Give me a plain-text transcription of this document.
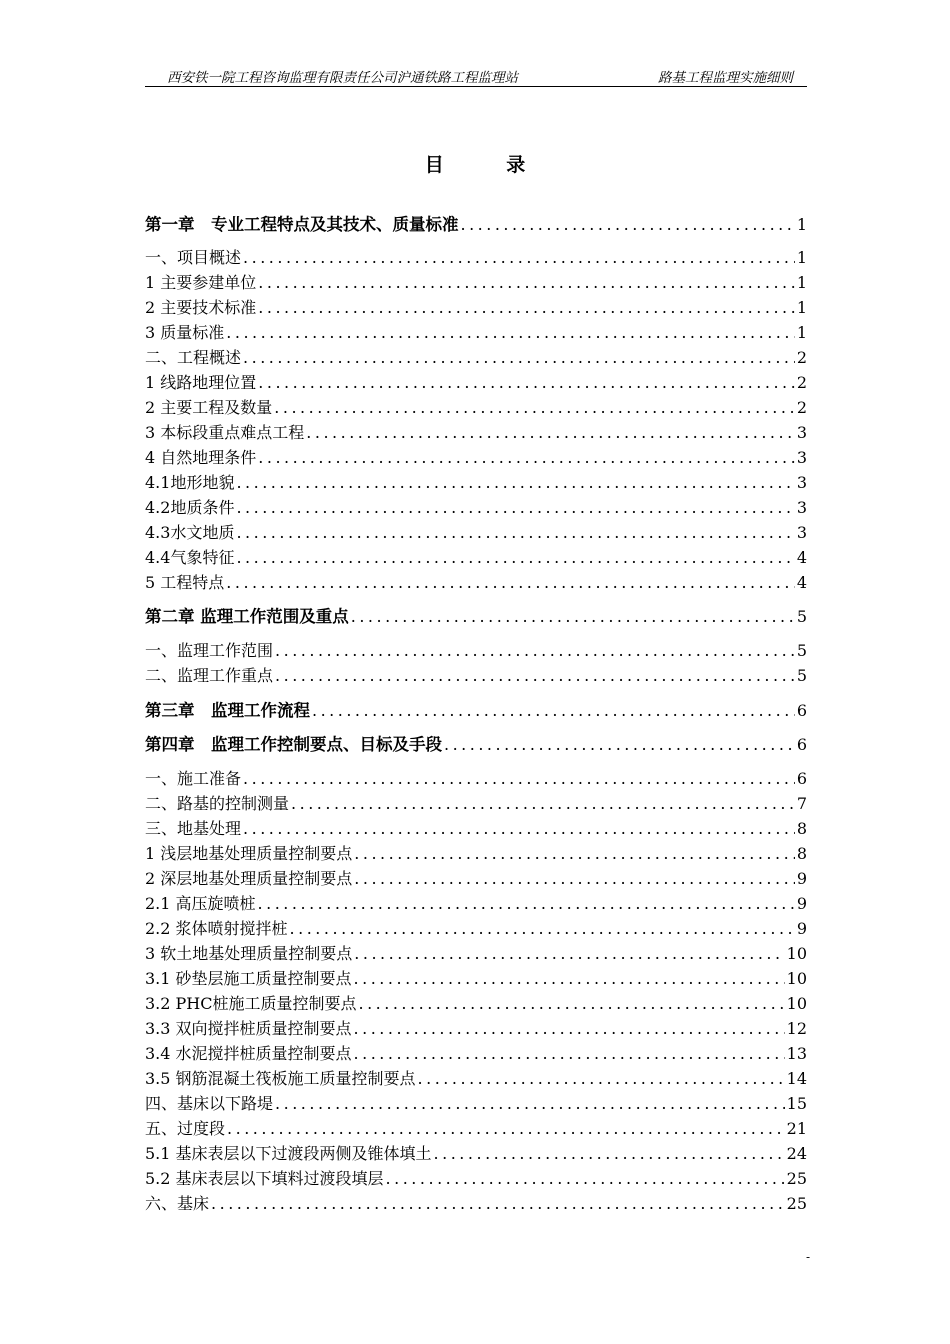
西安铁一院工程咨询监理有限责任公司沪通铁路工程监理站	路基工程监理实施细则
目 录
第一章　专业工程特点及其技术、质量标准 .....	1
一、项目概述 .....	1
1 主要参建单位 .....	1
2 主要技术标准 .....	1
3 质量标准 .....	1
二、工程概述 .....	2
1 线路地理位置 .....	2
2 主要工程及数量 .....	2
3 本标段重点难点工程 .....	3
4 自然地理条件 .....	3
4.1地形地貌 .....	3
4.2地质条件 .....	3
4.3水文地质 .....	3
4.4气象特征 .....	4
5 工程特点 .....	4
第二章 监理工作范围及重点 .....	5
一、监理工作范围 .....	5
二、监理工作重点 .....	5
第三章　监理工作流程 .....	6
第四章　监理工作控制要点、目标及手段 .....	6
一、施工准备 .....	6
二、路基的控制测量 .....	7
三、地基处理 .....	8
1 浅层地基处理质量控制要点 .....	8
2 深层地基处理质量控制要点 .....	9
2.1 高压旋喷桩 .....	9
2.2 浆体喷射搅拌桩 .....	9
3 软土地基处理质量控制要点 .....	10
3.1 砂垫层施工质量控制要点 .....	10
3.2 PHC桩施工质量控制要点 .....	10
3.3 双向搅拌桩质量控制要点 .....	12
3.4 水泥搅拌桩质量控制要点 .....	13
3.5 钢筋混凝土筏板施工质量控制要点 .....	14
四、基床以下路堤 .....	15
五、过度段 .....	21
5.1 基床表层以下过渡段两侧及锥体填土 .....	24
5.2 基床表层以下填料过渡段填层 .....	25
六、基床 .....	25
-
